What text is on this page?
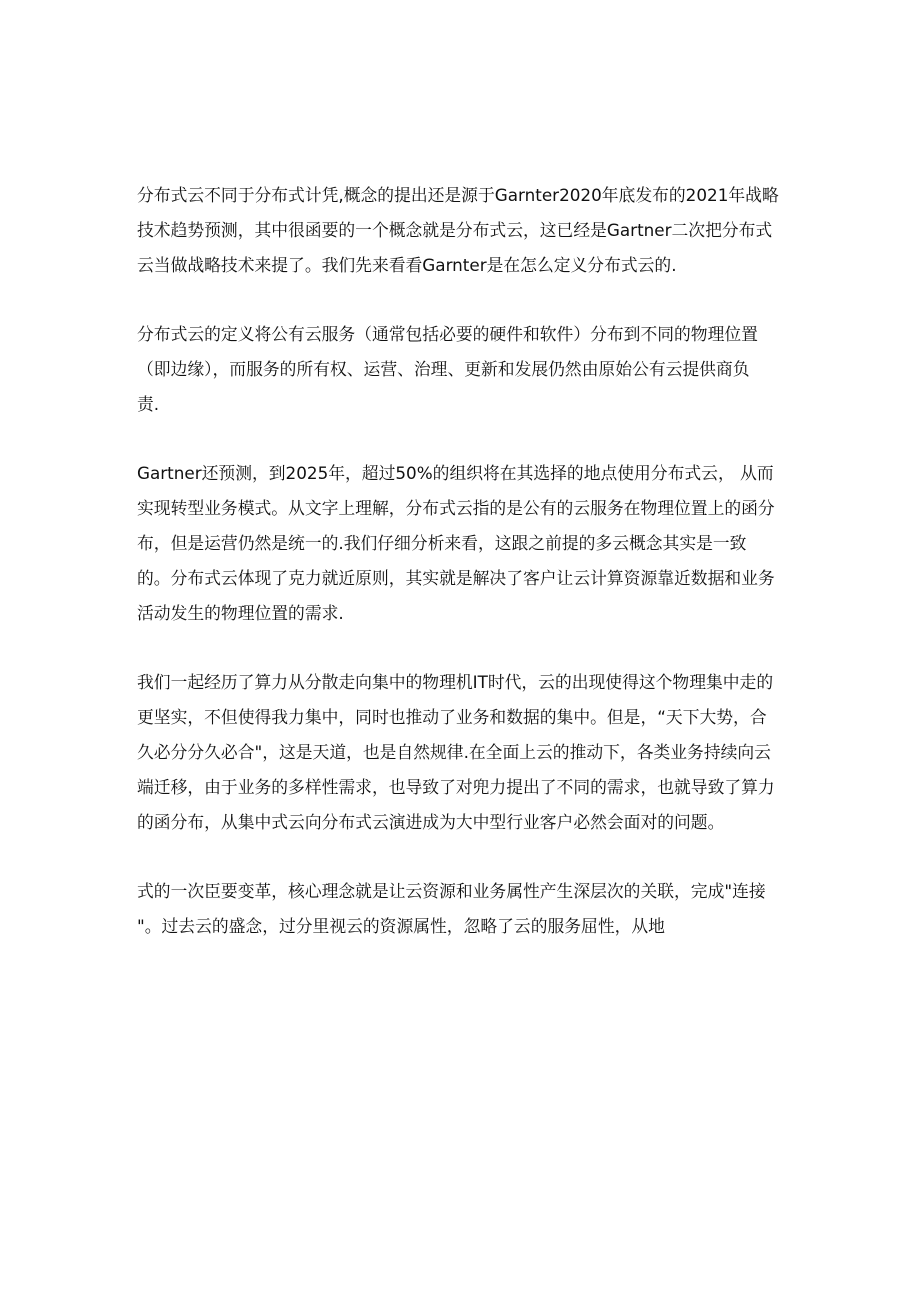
分布式云不同于分布式计凭,概念的提出还是源于Garnter2020年底发布的2021年战略
技术趋势预测，其中很函要的一个概念就是分布式云，这已经是Gartner二次把分布式
云当做战略技术来提了。我们先来看看Garnter是在怎么定义分布式云的.

分布式云的定义将公有云服务（通常包括必要的硬件和软件）分布到不同的物理位置
（即边缘），而服务的所有权、运营、治理、更新和发展仍然由原始公有云提供商负
责.

Gartner还预测，到2025年，超过50%的组织将在其选择的地点使用分布式云， 从而
实现转型业务模式。从文字上理解，分布式云指的是公有的云服务在物理位置上的函分
布，但是运营仍然是统一的.我们仔细分析来看，这跟之前提的多云概念其实是一致
的。分布式云体现了克力就近原则，其实就是解决了客户让云计算资源靠近数据和业务
活动发生的物理位置的需求.

我们一起经历了算力从分散走向集中的物理机IT时代，云的出现使得这个物理集中走的
更坚实，不但使得我力集中，同时也推动了业务和数据的集中。但是，“天下大势，合
久必分分久必合"，这是天道，也是自然规律.在全面上云的推动下，各类业务持续向云
端迁移，由于业务的多样性需求，也导致了对兜力提出了不同的需求，也就导致了算力
的函分布，从集中式云向分布式云演进成为大中型行业客户必然会面对的问题。

式的一次臣要变革，核心理念就是让云资源和业务属性产生深层次的关联，完成"连接
"。过去云的盛念，过分里视云的资源属性，忽略了云的服务屈性，从地
